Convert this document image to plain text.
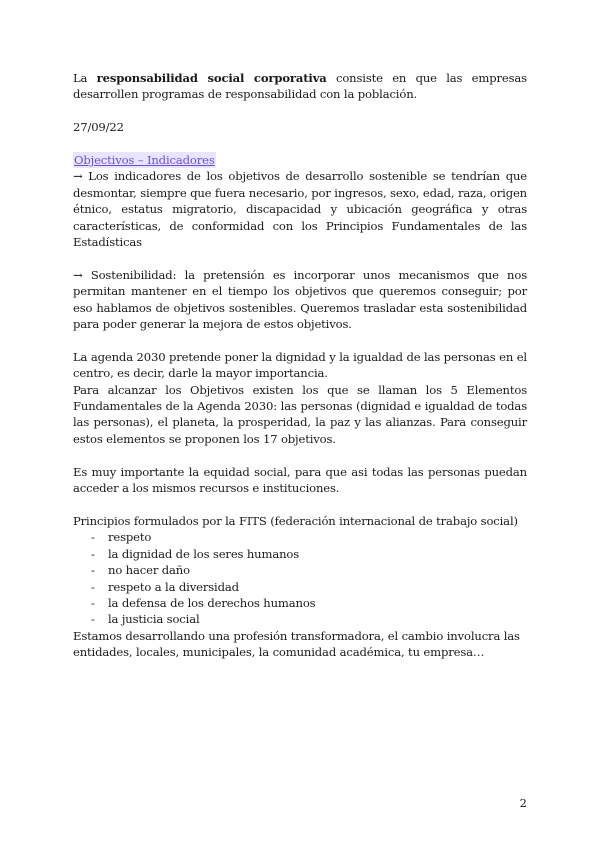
La responsabilidad social corporativa consiste en que las empresas desarrollen programas de responsabilidad con la población.

27/09/22

Objectivos – Indicadores

→ Los indicadores de los objetivos de desarrollo sostenible se tendrían que desmontar, siempre que fuera necesario, por ingresos, sexo, edad, raza, origen étnico, estatus migratorio, discapacidad y ubicación geográfica y otras características, de conformidad con los Principios Fundamentales de las Estadísticas

→ Sostenibilidad: la pretensión es incorporar unos mecanismos que nos permitan mantener en el tiempo los objetivos que queremos conseguir; por eso hablamos de objetivos sostenibles. Queremos trasladar esta sostenibilidad para poder generar la mejora de estos objetivos.

La agenda 2030 pretende poner la dignidad y la igualdad de las personas en el centro, es decir, darle la mayor importancia.

Para alcanzar los Objetivos existen los que se llaman los 5 Elementos Fundamentales de la Agenda 2030: las personas (dignidad e igualdad de todas las personas), el planeta, la prosperidad, la paz y las alianzas. Para conseguir estos elementos se proponen los 17 objetivos.

Es muy importante la equidad social, para que asi todas las personas puedan acceder a los mismos recursos e instituciones.

Principios formulados por la FITS (federación internacional de trabajo social)

- respeto
- la dignidad de los seres humanos
- no hacer daño
- respeto a la diversidad
- la defensa de los derechos humanos
- la justicia social

Estamos desarrollando una profesión transformadora, el cambio involucra las entidades, locales, municipales, la comunidad académica, tu empresa…

2
